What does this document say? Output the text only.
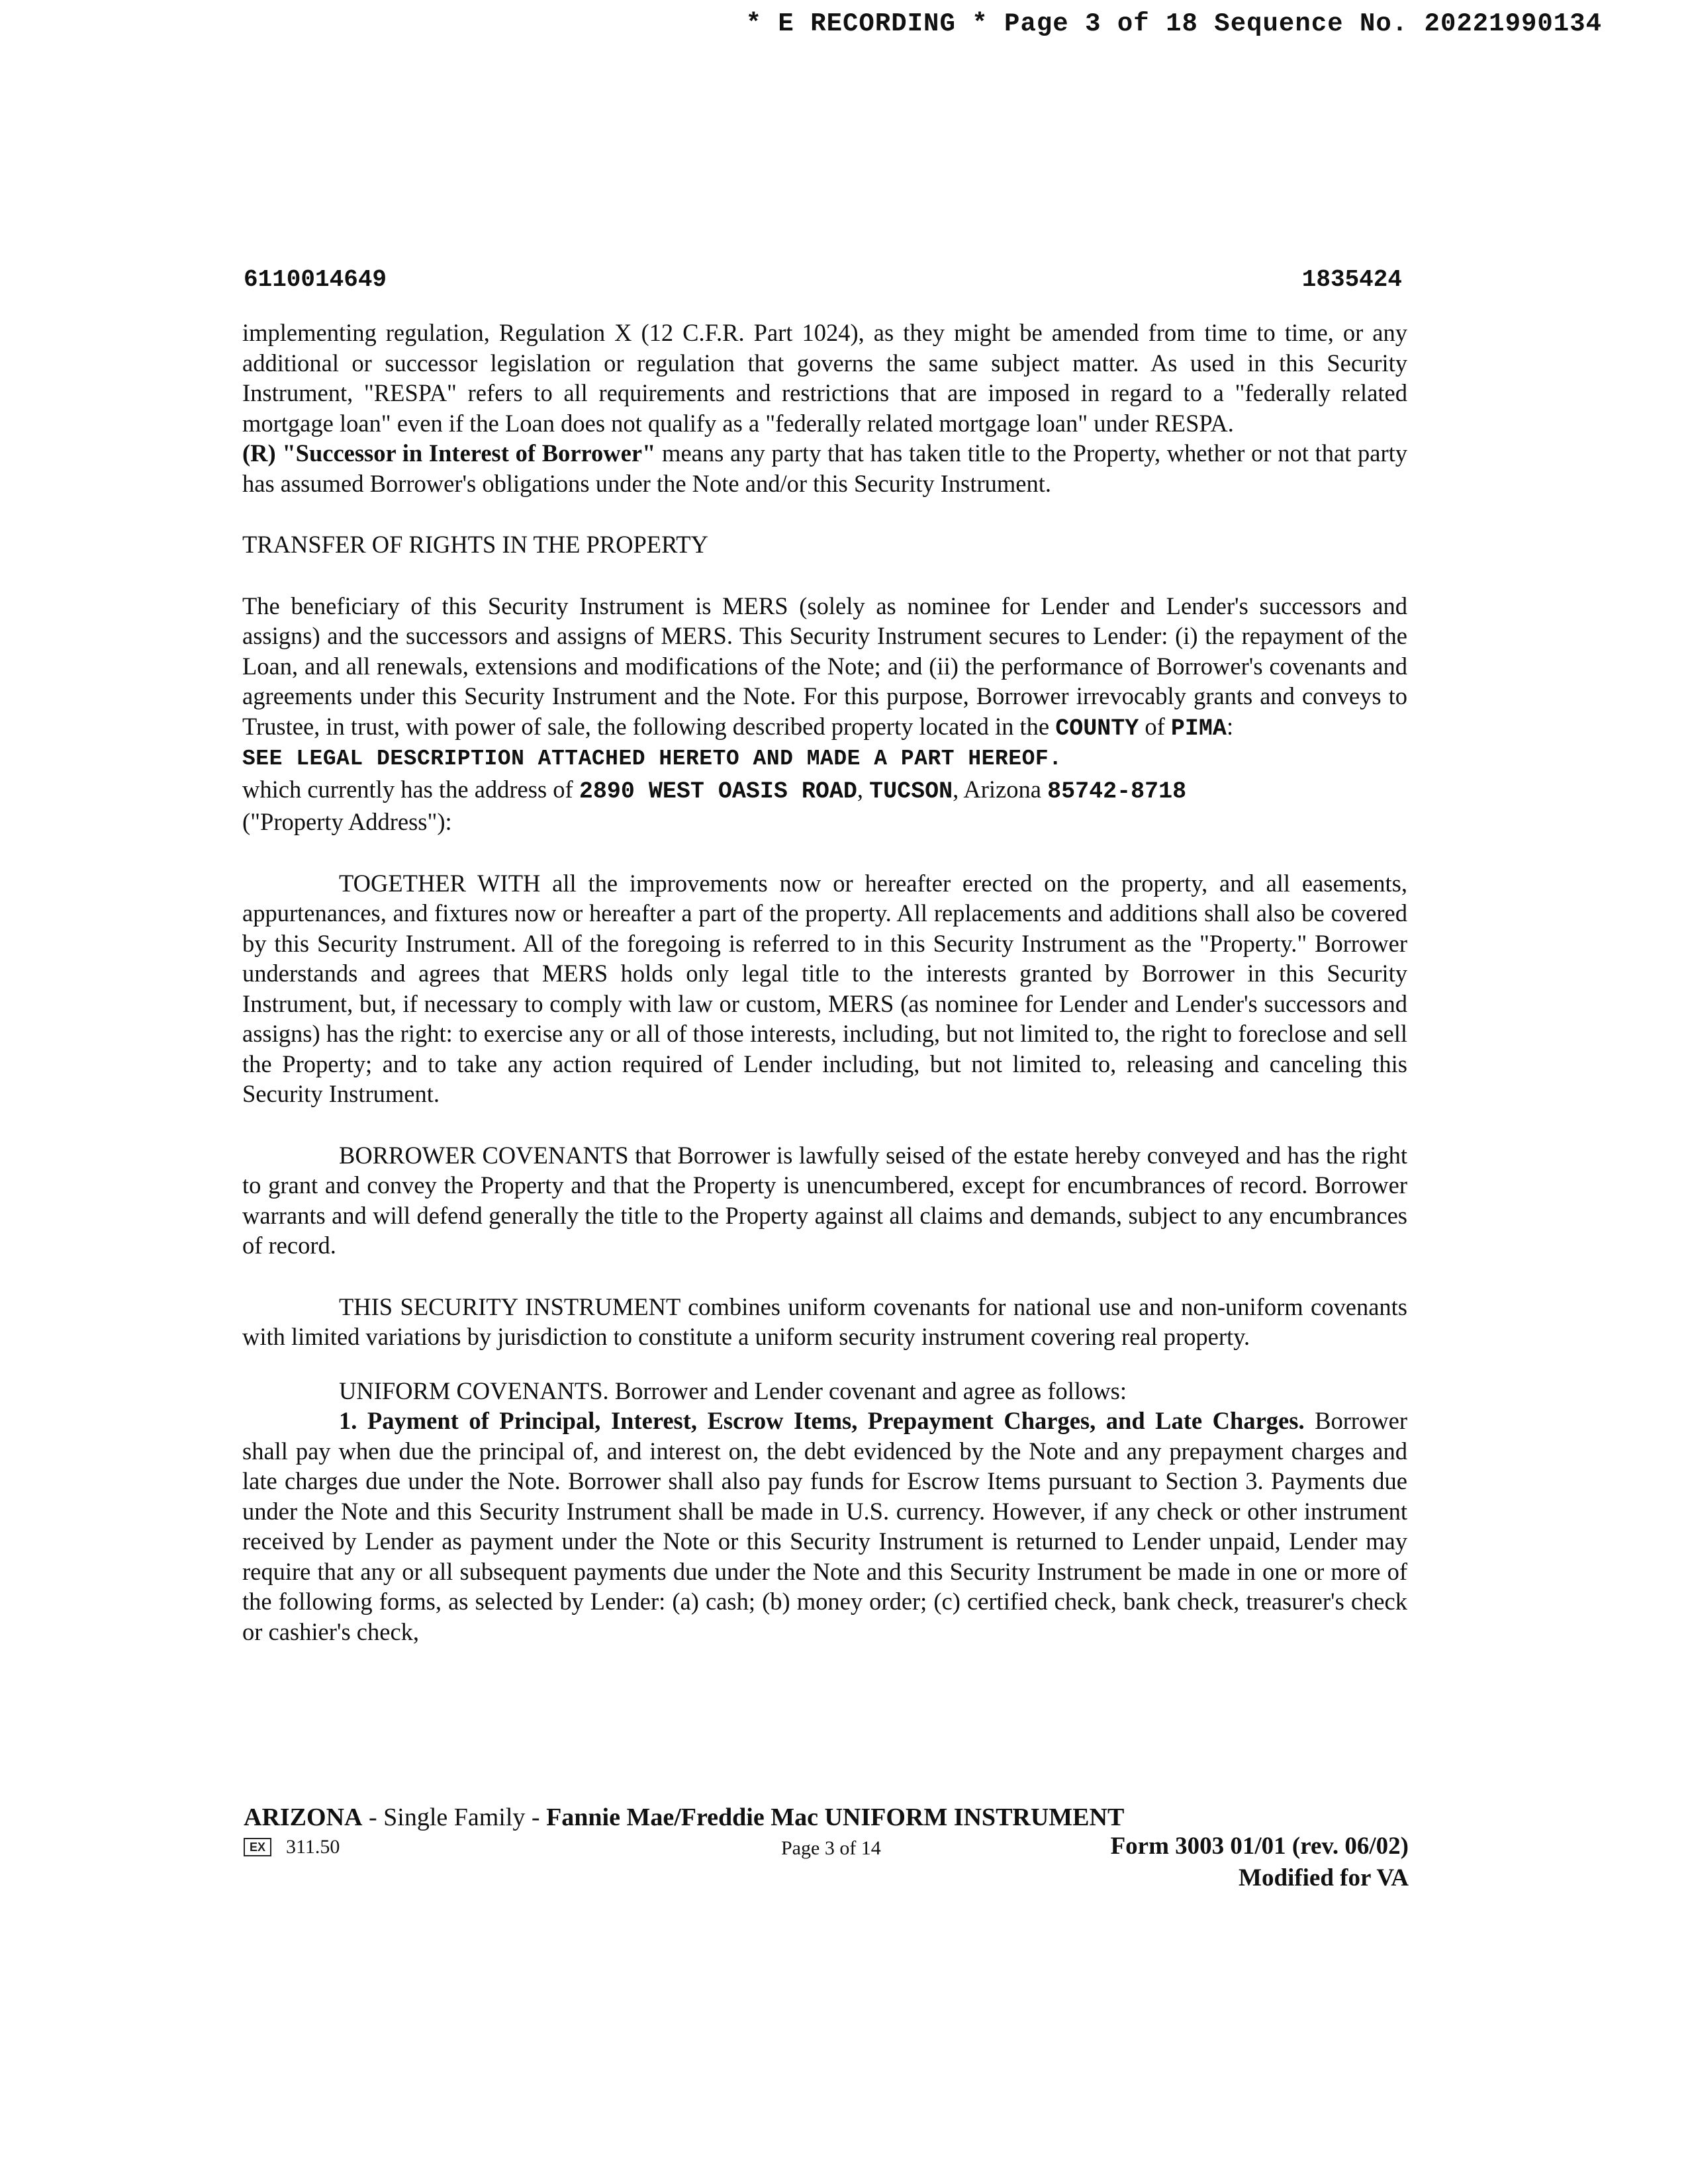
* E RECORDING * Page 3 of 18 Sequence No. 20221990134
6110014649	1835424

implementing regulation, Regulation X (12 C.F.R. Part 1024), as they might be amended from time to time, or any additional or successor legislation or regulation that governs the same subject matter. As used in this Security Instrument, "RESPA" refers to all requirements and restrictions that are imposed in regard to a "federally related mortgage loan" even if the Loan does not qualify as a "federally related mortgage loan" under RESPA.

(R) "Successor in Interest of Borrower" means any party that has taken title to the Property, whether or not that party has assumed Borrower's obligations under the Note and/or this Security Instrument.

TRANSFER OF RIGHTS IN THE PROPERTY

The beneficiary of this Security Instrument is MERS (solely as nominee for Lender and Lender's successors and assigns) and the successors and assigns of MERS. This Security Instrument secures to Lender: (i) the repayment of the Loan, and all renewals, extensions and modifications of the Note; and (ii) the performance of Borrower's covenants and agreements under this Security Instrument and the Note. For this purpose, Borrower irrevocably grants and conveys to Trustee, in trust, with power of sale, the following described property located in the COUNTY of PIMA:

SEE LEGAL DESCRIPTION ATTACHED HERETO AND MADE A PART HEREOF.

which currently has the address of 2890 WEST OASIS ROAD, TUCSON, Arizona 85742-8718

("Property Address"):

TOGETHER WITH all the improvements now or hereafter erected on the property, and all easements, appurtenances, and fixtures now or hereafter a part of the property. All replacements and additions shall also be covered by this Security Instrument. All of the foregoing is referred to in this Security Instrument as the "Property." Borrower understands and agrees that MERS holds only legal title to the interests granted by Borrower in this Security Instrument, but, if necessary to comply with law or custom, MERS (as nominee for Lender and Lender's successors and assigns) has the right: to exercise any or all of those interests, including, but not limited to, the right to foreclose and sell the Property; and to take any action required of Lender including, but not limited to, releasing and canceling this Security Instrument.

BORROWER COVENANTS that Borrower is lawfully seised of the estate hereby conveyed and has the right to grant and convey the Property and that the Property is unencumbered, except for encumbrances of record. Borrower warrants and will defend generally the title to the Property against all claims and demands, subject to any encumbrances of record.

THIS SECURITY INSTRUMENT combines uniform covenants for national use and non-uniform covenants with limited variations by jurisdiction to constitute a uniform security instrument covering real property.

UNIFORM COVENANTS. Borrower and Lender covenant and agree as follows:

1. Payment of Principal, Interest, Escrow Items, Prepayment Charges, and Late Charges. Borrower shall pay when due the principal of, and interest on, the debt evidenced by the Note and any prepayment charges and late charges due under the Note. Borrower shall also pay funds for Escrow Items pursuant to Section 3. Payments due under the Note and this Security Instrument shall be made in U.S. currency. However, if any check or other instrument received by Lender as payment under the Note or this Security Instrument is returned to Lender unpaid, Lender may require that any or all subsequent payments due under the Note and this Security Instrument be made in one or more of the following forms, as selected by Lender: (a) cash; (b) money order; (c) certified check, bank check, treasurer's check or cashier's check,

ARIZONA - Single Family - Fannie Mae/Freddie Mac UNIFORM INSTRUMENT
EX	311.50	Page 3 of 14	Form 3003 01/01 (rev. 06/02)
Modified for VA
